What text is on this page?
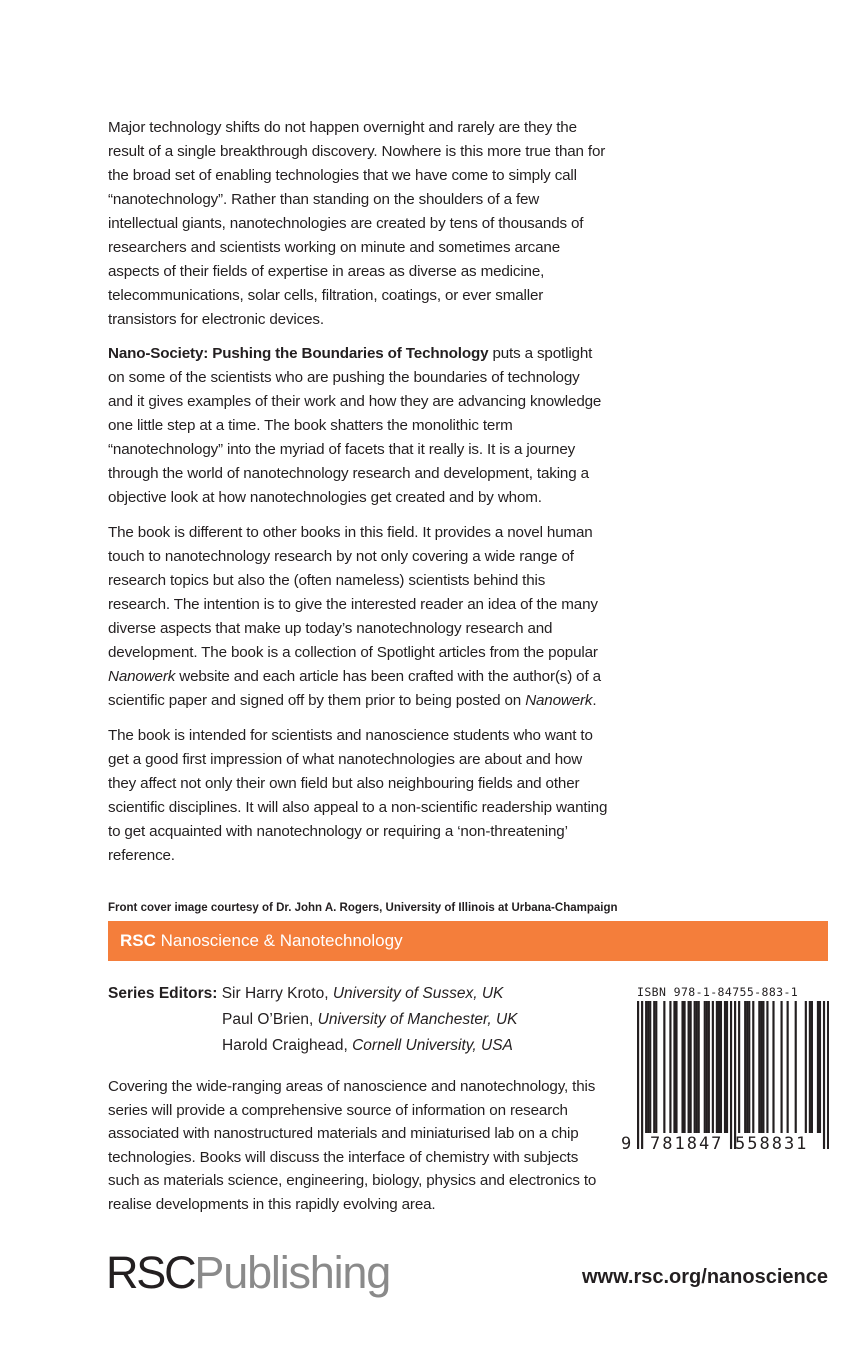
Major technology shifts do not happen overnight and rarely are they the result of a single breakthrough discovery. Nowhere is this more true than for the broad set of enabling technologies that we have come to simply call “nanotechnology”. Rather than standing on the shoulders of a few intellectual giants, nanotechnologies are created by tens of thousands of researchers and scientists working on minute and sometimes arcane aspects of their fields of expertise in areas as diverse as medicine, telecommunications, solar cells, filtration, coatings, or ever smaller transistors for electronic devices.

Nano-Society: Pushing the Boundaries of Technology puts a spotlight on some of the scientists who are pushing the boundaries of technology and it gives examples of their work and how they are advancing knowledge one little step at a time. The book shatters the monolithic term “nanotechnology” into the myriad of facets that it really is. It is a journey through the world of nanotechnology research and development, taking a objective look at how nanotechnologies get created and by whom.

The book is different to other books in this field. It provides a novel human touch to nanotechnology research by not only covering a wide range of research topics but also the (often nameless) scientists behind this research. The intention is to give the interested reader an idea of the many diverse aspects that make up today’s nanotechnology research and development. The book is a collection of Spotlight articles from the popular Nanowerk website and each article has been crafted with the author(s) of a scientific paper and signed off by them prior to being posted on Nanowerk.

The book is intended for scientists and nanoscience students who want to get a good first impression of what nanotechnologies are about and how they affect not only their own field but also neighbouring fields and other scientific disciplines. It will also appeal to a non-scientific readership wanting to get acquainted with nanotechnology or requiring a ‘non-threatening’ reference.

Front cover image courtesy of Dr. John A. Rogers, University of Illinois at Urbana-Champaign
RSC Nanoscience & Nanotechnology
Series Editors: Sir Harry Kroto, University of Sussex, UK
Paul O’Brien, University of Manchester, UK
Harold Craighead, Cornell University, USA
Covering the wide-ranging areas of nanoscience and nanotechnology, this series will provide a comprehensive source of information on research associated with nanostructured materials and miniaturised lab on a chip technologies. Books will discuss the interface of chemistry with subjects such as materials science, engineering, biology, physics and electronics to realise developments in this rapidly evolving area.
ISBN 978-1-84755-883-1
9 781847 558831
RSCPublishing	www.rsc.org/nanoscience
